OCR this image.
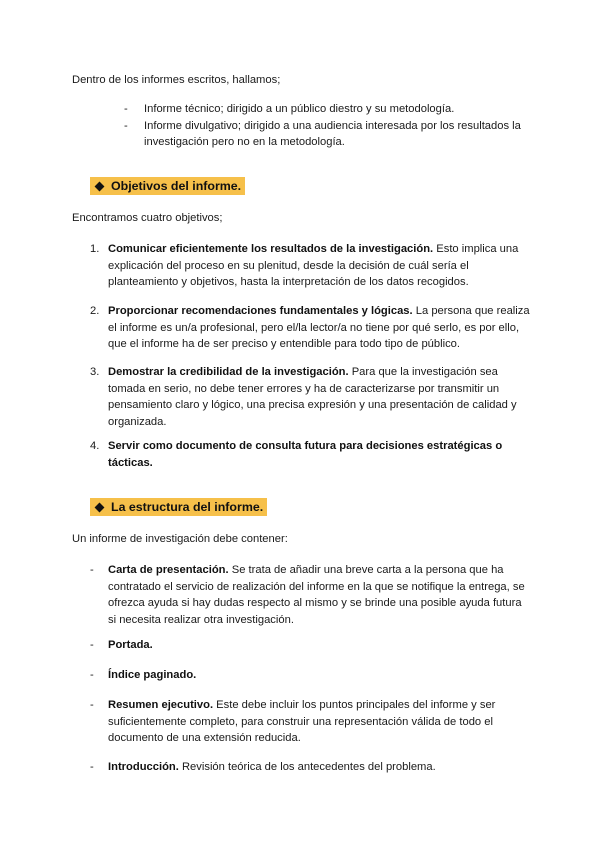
Dentro de los informes escritos, hallamos;

- Informe técnico; dirigido a un público diestro y su metodología.
- Informe divulgativo; dirigido a una audiencia interesada por los resultados la investigación pero no en la metodología.
Objetivos del informe.

Encontramos cuatro objetivos;

1. Comunicar eficientemente los resultados de la investigación. Esto implica una explicación del proceso en su plenitud, desde la decisión de cuál sería el planteamiento y objetivos, hasta la interpretación de los datos recogidos.
2. Proporcionar recomendaciones fundamentales y lógicas. La persona que realiza el informe es un/a profesional, pero el/la lector/a no tiene por qué serlo, es por ello, que el informe ha de ser preciso y entendible para todo tipo de público.
3. Demostrar la credibilidad de la investigación. Para que la investigación sea tomada en serio, no debe tener errores y ha de caracterizarse por transmitir un pensamiento claro y lógico, una precisa expresión y una presentación de calidad y organizada.
4. Servir como documento de consulta futura para decisiones estratégicas o tácticas.
La estructura del informe.

Un informe de investigación debe contener:

- Carta de presentación. Se trata de añadir una breve carta a la persona que ha contratado el servicio de realización del informe en la que se notifique la entrega, se ofrezca ayuda si hay dudas respecto al mismo y se brinde una posible ayuda futura si necesita realizar otra investigación.
- Portada.
- Índice paginado.
- Resumen ejecutivo. Este debe incluir los puntos principales del informe y ser suficientemente completo, para construir una representación válida de todo el documento de una extensión reducida.
- Introducción. Revisión teórica de los antecedentes del problema.
